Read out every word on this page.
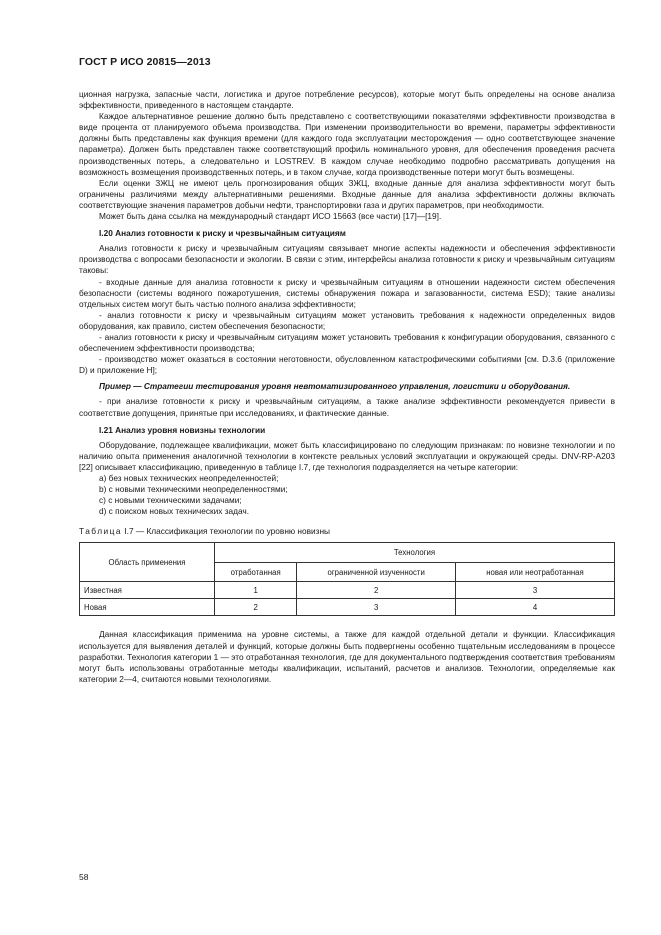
ГОСТ Р ИСО 20815—2013

ционная нагрузка, запасные части, логистика и другое потребление ресурсов), которые могут быть определены на основе анализа эффективности, приведенного в настоящем стандарте.

Каждое альтернативное решение должно быть представлено с соответствующими показателями эффективности производства в виде процента от планируемого объема производства. При изменении производительности во времени, параметры эффективности должны быть представлены как функция времени (для каждого года эксплуатации месторождения — одно соответствующее значение параметра). Должен быть представлен также соответствующий профиль номинального уровня, для обеспечения проведения расчета производственных потерь, а следовательно и LOSTREV. В каждом случае необходимо подробно рассматривать допущения на возможность возмещения производственных потерь, и в таком случае, когда производственные потери могут быть возмещены.

Если оценки ЗЖЦ не имеют цель прогнозирования общих ЗЖЦ, входные данные для анализа эффективности могут быть ограничены различиями между альтернативными решениями. Входные данные для анализа эффективности должны включать соответствующие значения параметров добычи нефти, транспортировки газа и других параметров, при необходимости.

Может быть дана ссылка на международный стандарт ИСО 15663 (все части) [17]—[19].

I.20 Анализ готовности к риску и чрезвычайным ситуациям

Анализ готовности к риску и чрезвычайным ситуациям связывает многие аспекты надежности и обеспечения эффективности производства с вопросами безопасности и экологии. В связи с этим, интерфейсы анализа готовности к риску и чрезвычайным ситуациям таковы:

- входные данные для анализа готовности к риску и чрезвычайным ситуациям в отношении надежности систем обеспечения безопасности (системы водяного пожаротушения, системы обнаружения пожара и загазованности, система ESD); такие анализы отдельных систем могут быть частью полного анализа эффективности;

- анализ готовности к риску и чрезвычайным ситуациям может установить требования к надежности определенных видов оборудования, как правило, систем обеспечения безопасности;

- анализ готовности к риску и чрезвычайным ситуациям может установить требования к конфигурации оборудования, связанного с обеспечением эффективности производства;

- производство может оказаться в состоянии неготовности, обусловленном катастрофическими событиями [см. D.3.6 (приложение D) и приложение H];

Пример — Стратегии тестирования уровня невтоматизированного управления, логистики и оборудования.

- при анализе готовности к риску и чрезвычайным ситуациям, а также анализе эффективности рекомендуется привести в соответствие допущения, принятые при исследованиях, и фактические данные.

I.21 Анализ уровня новизны технологии

Оборудование, подлежащее квалификации, может быть классифицировано по следующим признакам: по новизне технологии и по наличию опыта применения аналогичной технологии в контексте реальных условий эксплуатации и окружающей среды. DNV-RP-A203 [22] описывает классификацию, приведенную в таблице I.7, где технология подразделяется на четыре категории:

а) без новых технических неопределенностей;

b) с новыми техническими неопределенностями;

c) с новыми техническими задачами;

d) с поиском новых технических задач.

Таблица I.7 — Классификация технологии по уровню новизны

Область применения	Технология		
	отработанная	ограниченной изученности	новая или неотработанная
Известная	1	2	3
Новая	2	3	4

Данная классификация применима на уровне системы, а также для каждой отдельной детали и функции. Классификация используется для выявления деталей и функций, которые должны быть подвергнены особенно тщательным исследованиям в процессе разработки. Технология категории 1 — это отработанная технология, где для документального подтверждения соответствия требованиям могут быть использованы отработанные методы квалификации, испытаний, расчетов и анализов. Технологии, определяемые как категории 2—4, считаются новыми технологиями.

58
